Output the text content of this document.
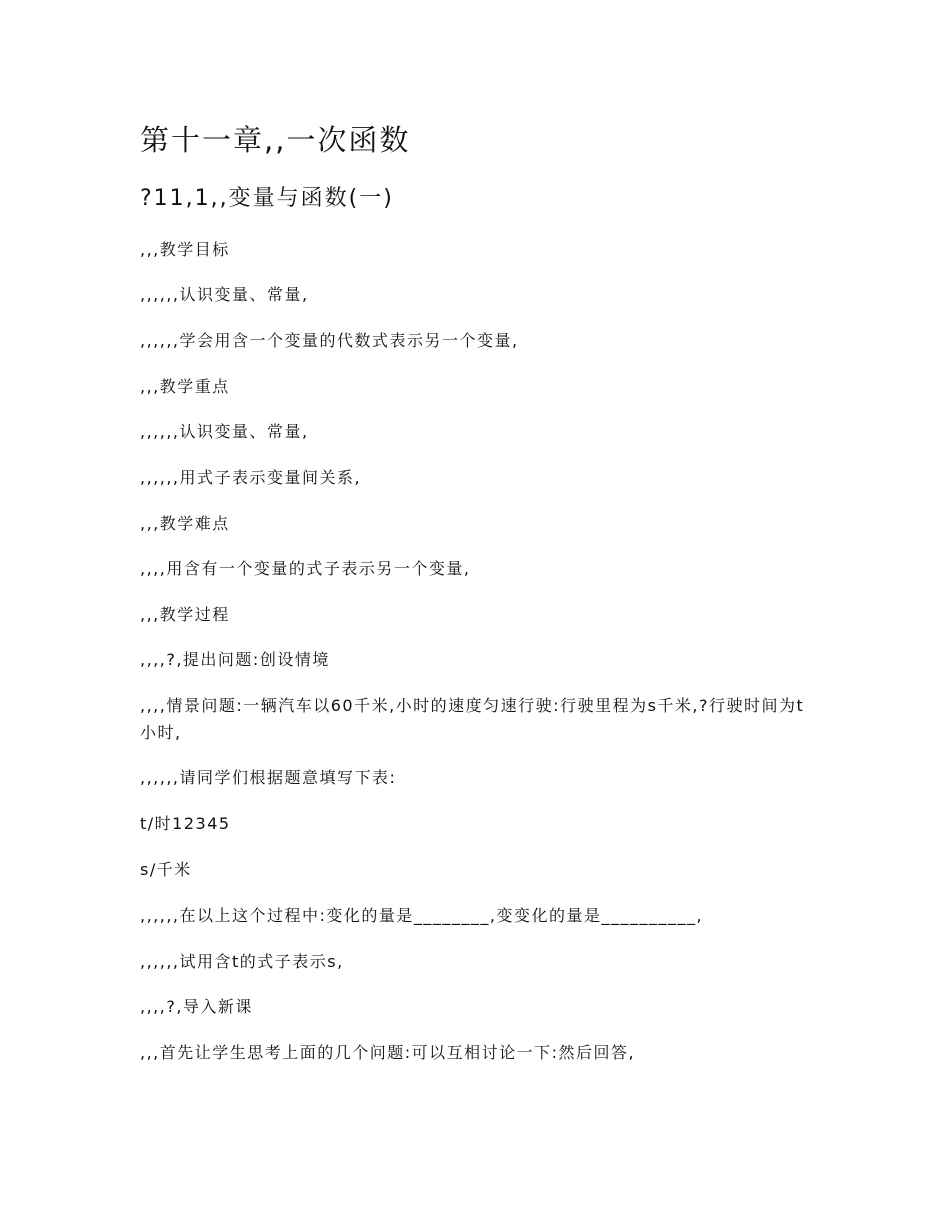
第十一章,,一次函数
?11,1,,变量与函数(一)
,,,教学目标
,,,,,,认识变量、常量,
,,,,,,学会用含一个变量的代数式表示另一个变量,
,,,教学重点
,,,,,,认识变量、常量,
,,,,,,用式子表示变量间关系,
,,,教学难点
,,,,用含有一个变量的式子表示另一个变量,
,,,教学过程
,,,,?,提出问题:创设情境
,,,,情景问题:一辆汽车以60千米,小时的速度匀速行驶:行驶里程为s千米,?行驶时间为t小时,
,,,,,,请同学们根据题意填写下表:
t/时12345
s/千米
,,,,,,在以上这个过程中:变化的量是________,变变化的量是__________,
,,,,,,试用含t的式子表示s,
,,,,?,导入新课
,,,首先让学生思考上面的几个问题:可以互相讨论一下:然后回答,
